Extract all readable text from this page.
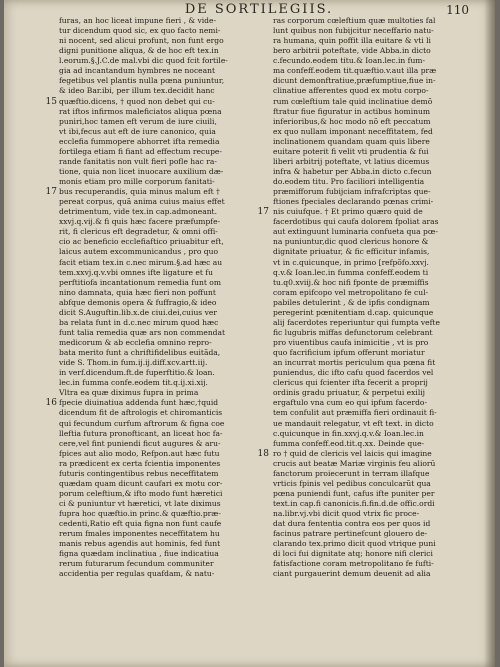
DE SORTILEGIIS.	110
furas, an hoc liceat impune fieri , & vide-
tur dicendum quod sic, ex quo facto nemi-
ni nocent, sed alicui profunt, non funt ergo
digni punitione aliqua, & de hoc eft tex.in
l.eorum.§.J.C.de mal.vbi dic quod fcit fortile-
gia ad incantandum hymbres ne noceant
fegetibus vel plantis nulla pœna puniuntur,
& ideo Bar.ibi, per illum tex.decidit hanc
quæftio.dicens, † quod non debet qui cu-
15
rat iftos infirmos maleficiatos aliqua pœna
puniri,hoc tamen eft verum de iure ciuili,
vt ibi,fecus aut eft de iure canonico, quia
ecclefia fummopere abhorret ifta remedia
fortilega etiam fi fiant ad effectum recupe-
rande fanitatis non vult fieri pofle hac ra-
tione, quia non licet inuocare auxilium dæ-
monis etiam pro mille corporum fanitati-
bus recuperandis, quia minus malum eft †
17
pereat corpus, quã anima cuius maius effet
detrimentum, vide tex.in cap.admoneant.
xxvj.q.vij.& fi quis hæc facere præfumpfe-
rit, fi clericus eft degradetur, & omni offi-
cio ac beneficio ecclefiaftico priuabitur eft,
laicus autem excommunicandus , pro quo
facit etiam tex.in c.nec mirum.§.ad hæc au
tem.xxvj.q.v.vbi omnes ifte ligature et fu
perftitiofa incantationum remedia funt om
nino damnata, quia hæc fieri non poffunt
abfque demonis opera & fuffragio,& ideo
dicit S.Auguftin.lib.x.de ciui.dei,cuius ver
ba relata funt in d.c.nec mirum quod hæc
funt talia remedia quæ ars non commendat
medicorum & ab ecclefia omnino repro-
bata merito funt a chriftifidelibus euitãda,
vide S. Thom.in fum.ij.ij.diff.xcv.artt.iij.
in verf.dicendum.ft.de fuperftitio.& loan.
lec.in fumma confe.eodem tit.q.ij.xi.xij.
Vltra ea quæ diximus fupra in prima
fpecie diuinatiua addenda funt hæc,†quid
16
dicendum fit de aftrologis et chiromanticis
qui fecundum curfum aftrorum & figna coe
lleftia futura pronofticant, an liceat hoc fa-
cere,vel fint puniendi ficut augures & aru-
fpices aut alio modo, Refpon.aut hæc futu
ra prædicent ex certa fcientia imponentes
futuris contingentibus rebus neceffitatem
quædam quam dicunt caufari ex motu cor-
porum celeftium,& ifto modo funt hæretici
ci & puniuntur vt hæretici, vt late diximus
fupra hoc quæftio.in princ.& quæftio.præ-
cedenti,Ratio eft quia figna non funt caufe
rerum fmales imponentes neceffitatem hu
manis rebus agendis aut hominis, fed funt
figna quædam inclinatiua , fiue indicatiua
rerum futurarum fecundum communiter
accidentia per regulas quafdam, & natu-
ras corporum cœleftium quæ multoties fal
lunt quibus non fubijcitur neceffario natu-
ra humana, quin poffit illa euitare & vti li
bero arbitrii poteftate, vide Abba.in dicto
c.fecundo.eodem titu.& Ioan.lec.in fum-
ma confeff.eodem tit.quæftio.v.aut illa præ
dicunt demonftratiue,præfumptiue,fiue in-
clinatiue afferentes quod ex motu corpo-
rum cœleftium tale quid inclinatiue demõ
ftratur fiue figuratur in actibus hominum
inferioribus,& hoc modo nõ eft peccatum
ex quo nullam imponant neceffitatem, fed
inclinationem quandam quam quis libere
euitare poterit fi velit vti prudentia & fui
liberi arbitrij poteftate, vt latius dicemus
infra & habetur per Abba.in dicto c.fecun
do.eodem titu. Pro faciliori intelligentia
præmifforum fubijciam infrafcriptas que-
ftiones fpeciales declarando pœnas crimi-
nis cuiufque. † Et primo quæro quid de
17
facerdotibus qui caufa dolorem fpoliat aras
aut extinguunt luminaria confueta qua pœ-
na puniuntur,dic quod clericus honore &
dignitate priuatur, & fic efficitur infamis,
vt in c.quicunque, in primo [refpõfo.xxvj.
q.v.& Ioan.lec.in fumma confeff.eodem ti
tu.q0.xviij.& hoc nifi fponte de præmiffis
coram epifcopo vel metropolitano fe cul-
pabiles detulerint , & de ipfis condignam
peregerint pœnitentiam d.cap. quicunque
alij facerdotes reperiuntur qui fumpta vefte
fic lugubris miffas defunctorum celebrant
pro viuentibus caufa inimicitie , vt is pro
quo facrificium ipfum offerunt moriatur
an incurrat mortis periculum qua pœna fit
puniendus, dic ifto cafu quod facerdos vel
clericus qui fcienter ifta fecerit a proprij
ordinis gradu priuatur, & perpetui exilij
ergaftulo vna cum eo qui ipfum facerdo-
tem confulit aut præmiffa fieri ordinauit fi-
ue mandauit relegatur, vt eft text. in dicto
c.quicunque in fin.xxvj.q.v.& Ioan.lec.in
fumma confeff.eod.tit.q.xx. Deinde que-
ro † quid de clericis vel laicis qui imagine
18
crucis aut beatæ Mariæ virginis feu aliorū
fanctorum proiecerunt in terram illafque
vrticis fpinis vel pedibus conculcarũt qua
pœna puniendi funt, cafus ifte puniter per
text.in cap.fi canonicis.fi.fin.d.de offic.ordi
na.libr.vj.vbi dicit quod vtrix fic proce-
dat dura fententia contra eos per quos id
facinus patrare pertinefcunt glouero de-
clarando tex.primo dicit quod vtrique puni
di loci fui dignitate atq; honore nifi clerici
fatisfactione coram metropolitano fe fufti-
ciant purgauerint demum deuenit ad alia
